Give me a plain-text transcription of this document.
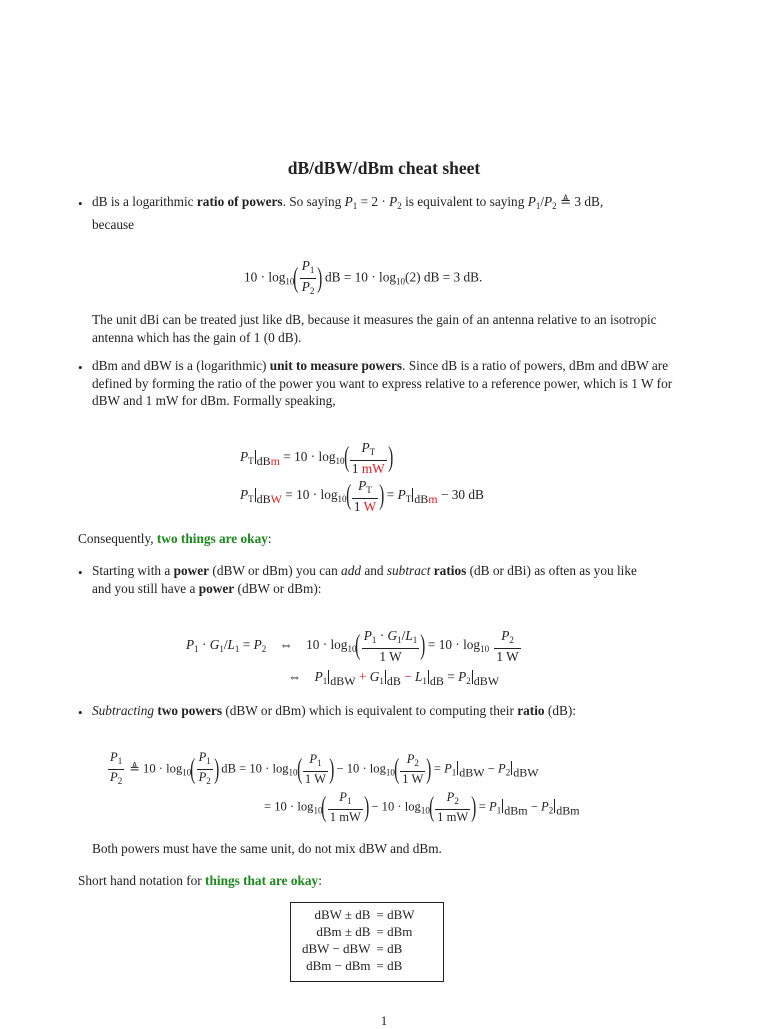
dB/dBW/dBm cheat sheet
• dB is a logarithmic ratio of powers. So saying $P_1 = 2 \cdot P_2$ is equivalent to saying $P_1/P_2$ ≜ 3 dB,
because
$10 \cdot \log_{10}( \frac{P_1}{P_2}$ ) dB = $10 \cdot \log_{10}(2)$ dB = 3 dB.
The unit dBi can be treated just like dB, because it measures the gain of an antenna relative to an isotropic antenna which has the gain of 1 (0 dB).
• dBm and dBW is a (logarithmic) unit to measure powers. Since dB is a ratio of powers, dBm and dBW are defined by forming the ratio of the power you want to express relative to a reference power, which is 1 W for dBW and 1 mW for dBm. Formally speaking,
$P_T$ $_{dBm} = 10 \cdot \log_{10}( \frac{P_T}{1 mW}$ )
$P_T$ $_{dBW} = 10 \cdot \log_{10}( \frac{P_T}{1 W}$ ) = $P_T$ $_{dBm}$ − 30 dB
Consequently, two things are okay:
• Starting with a power (dBW or dBm) you can add and subtract ratios (dB or dBi) as often as you like
and you still have a power (dBW or dBm):
$P_1 \cdot G_1/L_1 = P_2$ ⇔ $10 \cdot \log_{10}( \frac{P_1 \cdot G_1/L_1}{1 W}$ ) = $10 \cdot \log_{10} \frac{P_2}{1 W}$
⇔ $P_1$ $_{dBW} + G_1$ $_{dB} - L_1$ $_{dB} = P_2$ $_{dBW}$
• Subtracting two powers (dBW or dBm) which is equivalent to computing their ratio (dB):
$\frac{P_1}{P_2}$ ≜ $10 \cdot \log_{10}( \frac{P_1}{P_2}$ ) dB = $10 \cdot \log_{10}( \frac{P_1}{1 W}$ ) − $10 \cdot \log_{10}( \frac{P_2}{1 W}$ ) = $P_1$ $_{dBW} - P_2$ $_{dBW}$
= $10 \cdot \log_{10}( \frac{P_1}{1 mW}$ ) − $10 \cdot \log_{10}( \frac{P_2}{1 mW}$ ) = $P_1$ $_{dBm} - P_2$ $_{dBm}$
Both powers must have the same unit, do not mix dBW and dBm.
Short hand notation for things that are okay:
dBW ± dB	= dBW
dBm ± dB	= dBm
dBW − dBW	= dB
dBm − dBm	= dB
1
